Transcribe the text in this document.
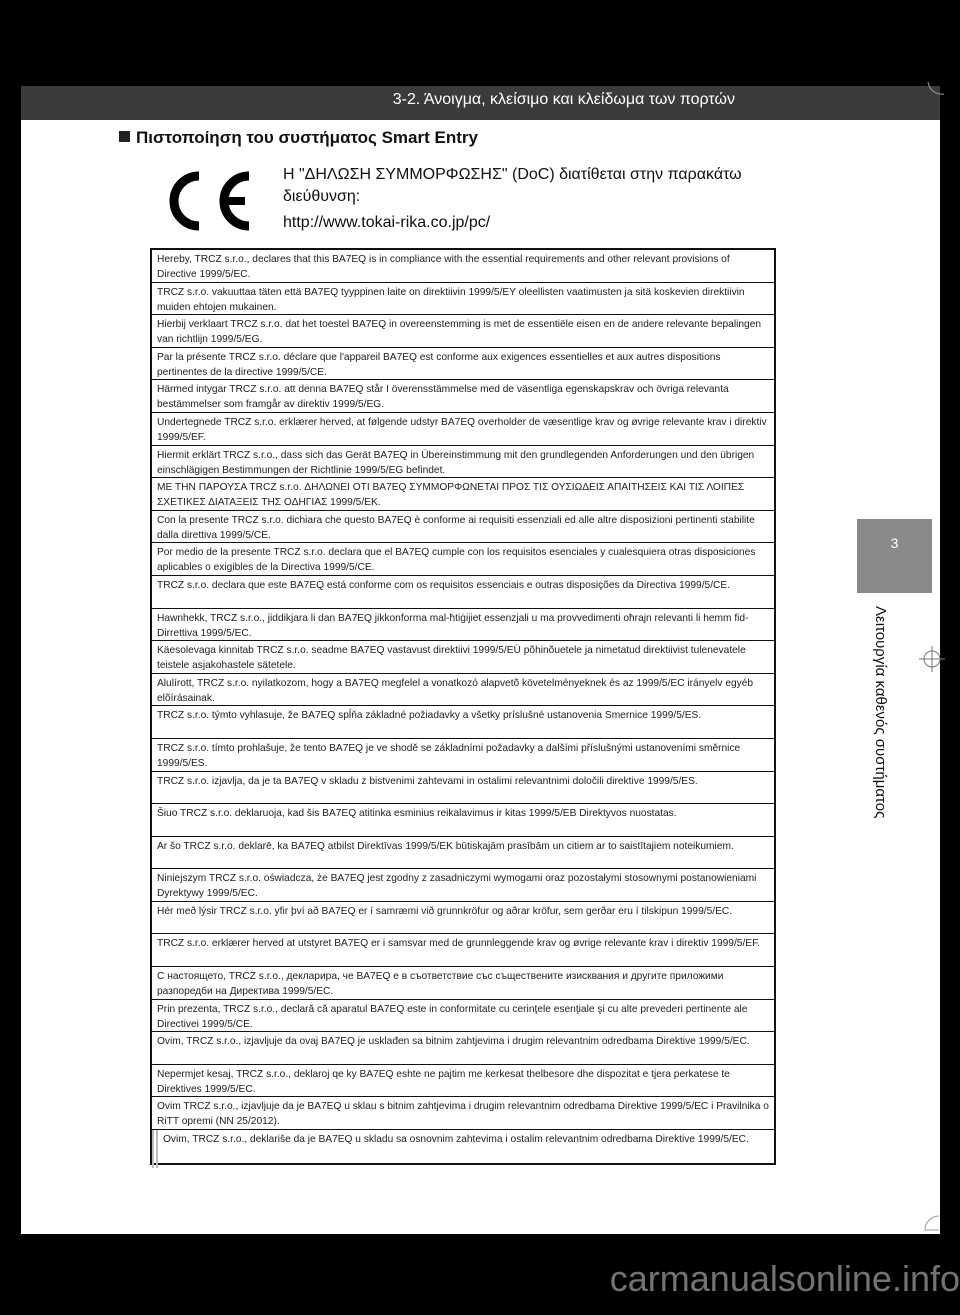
3-2. Άνοιγμα, κλείσιμο και κλείδωμα των πορτών
Πιστοποίηση του συστήματος Smart Entry
Η "ΔΗΛΩΣΗ ΣΥΜΜΟΡΦΩΣΗΣ" (DoC) διατίθεται στην παρακάτω διεύθυνση:
http://www.tokai-rika.co.jp/pc/
Hereby, TRCZ s.r.o., declares that this BA7EQ is in compliance with the essential requirements and other relevant provisions of Directive 1999/5/EC.
TRCZ s.r.o. vakuuttaa täten että BA7EQ tyyppinen laite on direktiivin 1999/5/EY oleellisten vaatimusten ja sitä koskevien direktiivin muiden ehtojen mukainen.
Hierbij verklaart TRCZ s.r.o. dat het toestel BA7EQ in overeenstemming is met de essentiële eisen en de andere relevante bepalingen van richtlijn 1999/5/EG.
Par la présente TRCZ s.r.o. déclare que l'appareil BA7EQ est conforme aux exigences essentielles et aux autres dispositions pertinentes de la directive 1999/5/CE.
Härmed intygar TRCZ s.r.o. att denna BA7EQ står I överensstämmelse med de väsentliga egenskapskrav och övriga relevanta bestämmelser som framgår av direktiv 1999/5/EG.
Undertegnede TRCZ s.r.o. erklærer herved, at følgende udstyr BA7EQ overholder de væsentlige krav og øvrige relevante krav i direktiv 1999/5/EF.
Hiermit erklärt TRCZ s.r.o., dass sich das Gerät BA7EQ in Übereinstimmung mit den grundlegenden Anforderungen und den übrigen einschlägigen Bestimmungen der Richtlinie 1999/5/EG befindet.
ΜΕ ΤΗΝ ΠΑΡΟΥΣΑ TRCZ s.r.o. ΔΗΛΩΝΕΙ ΟΤΙ BA7EQ ΣΥΜΜΟΡΦΩΝΕΤΑΙ ΠΡΟΣ ΤΙΣ ΟΥΣΙΩΔΕΙΣ ΑΠΑΙΤΗΣΕΙΣ ΚΑΙ ΤΙΣ ΛΟΙΠΕΣ ΣΧΕΤΙΚΕΣ ΔΙΑΤΑΞΕΙΣ ΤΗΣ ΟΔΗΓΙΑΣ 1999/5/ΕΚ.
Con la presente TRCZ s.r.o. dichiara che questo BA7EQ è conforme ai requisiti essenziali ed alle altre disposizioni pertinenti stabilite dalla direttiva 1999/5/CE.
Por medio de la presente TRCZ s.r.o. declara que el BA7EQ cumple con los requisitos esenciales y cualesquiera otras disposiciones aplicables o exigibles de la Directiva 1999/5/CE.
TRCZ s.r.o. declara que este BA7EQ está conforme com os requisitos essenciais e outras disposições da Directiva 1999/5/CE.
Hawnhekk, TRCZ s.r.o., jiddikjara li dan BA7EQ jikkonforma mal-ħtiġijiet essenzjali u ma provvedimenti oħrajn relevanti li hemm fid-Dirrettiva 1999/5/EC.
Käesolevaga kinnitab TRCZ s.r.o. seadme BA7EQ vastavust direktiivi 1999/5/EÜ põhinõuetele ja nimetatud direktiivist tulenevatele teistele asjakohastele sätetele.
Alulírott, TRCZ s.r.o. nyilatkozom, hogy a BA7EQ megfelel a vonatkozó alapvetõ követelményeknek és az 1999/5/EC irányelv egyéb elõírásainak.
TRCZ s.r.o. týmto vyhlasuje, že BA7EQ spĺňa základné požiadavky a všetky príslušné ustanovenia Smernice 1999/5/ES.
TRCZ s.r.o. tímto prohlašuje, že tento BA7EQ je ve shodě se základními požadavky a dalšími příslušnými ustanoveními směrnice 1999/5/ES.
TRCZ s.r.o. izjavlja, da je ta BA7EQ v skladu z bistvenimi zahtevami in ostalimi relevantnimi določili direktive 1999/5/ES.
Šiuo TRCZ s.r.o. deklaruoja, kad šis BA7EQ atitinka esminius reikalavimus ir kitas 1999/5/EB Direktyvos nuostatas.
Ar šo TRCZ s.r.o. deklarē, ka BA7EQ atbilst Direktīvas 1999/5/EK būtiskajām prasībām un citiem ar to saistītajiem noteikumiem.
Niniejszym TRCZ s.r.o. oświadcza, że BA7EQ jest zgodny z zasadniczymi wymogami oraz pozostałymi stosownymi postanowieniami Dyrektywy 1999/5/EC.
Hér með lýsir TRCZ s.r.o. yfir því að BA7EQ er í samræmi við grunnkröfur og aðrar kröfur, sem gerðar eru í tilskipun 1999/5/EC.
TRCZ s.r.o. erklærer herved at utstyret BA7EQ er i samsvar med de grunnleggende krav og øvrige relevante krav i direktiv 1999/5/EF.
С настоящето, TRCZ s.r.o., декларира, че BA7EQ е в съответствие със съществените изисквания и другите приложими разпоредби на Директива 1999/5/ЕС.
Prin prezenta, TRCZ s.r.o., declară că aparatul BA7EQ este in conformitate cu cerinţele esenţiale şi cu alte prevederi pertinente ale Directivei 1999/5/CE.
Ovim, TRCZ s.r.o., izjavljuje da ovaj BA7EQ je usklađen sa bitnim zahtjevima i drugim relevantnim odredbama Direktive 1999/5/EC.
Nepermjet kesaj, TRCZ s.r.o., deklaroj qe ky BA7EQ eshte ne pajtim me kerkesat thelbesore dhe dispozitat e tjera perkatese te Direktives 1999/5/EC.
Ovim TRCZ s.r.o., izjavljuje da je BA7EQ u sklau s bitnim zahtjevima i drugim relevantnim odredbama Direktive 1999/5/EC i Pravilnika o RiTT opremi (NN 25/2012).
Ovim, TRCZ s.r.o., deklariše da je BA7EQ u skladu sa osnovnim zahtevima i ostalim relevantnim odredbama Direktive 1999/5/EC.
3
Λειτουργία καθενός συστήματος
carmanualsonline.info
